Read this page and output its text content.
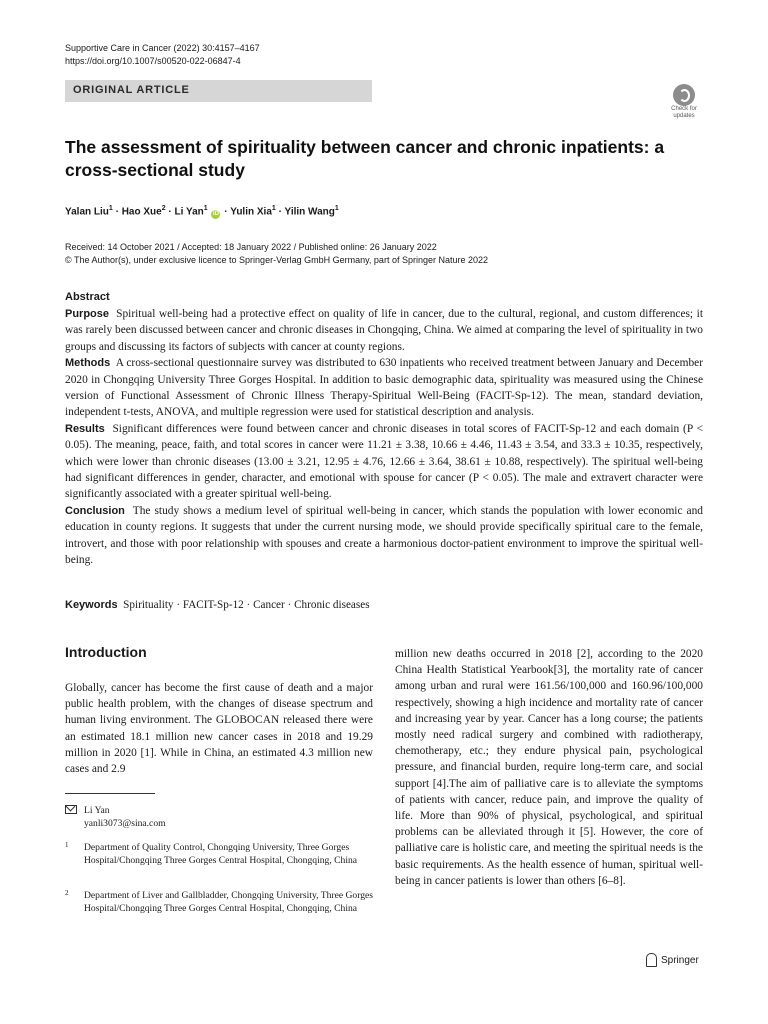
Supportive Care in Cancer (2022) 30:4157–4167
https://doi.org/10.1007/s00520-022-06847-4
ORIGINAL ARTICLE
Check for updates
The assessment of spirituality between cancer and chronic inpatients: a cross-sectional study
Yalan Liu$^1$ · Hao Xue$^2$ · Li Yan$^1$ iD · Yulin Xia$^1$ · Yilin Wang$^1$
Received: 14 October 2021 / Accepted: 18 January 2022 / Published online: 26 January 2022
© The Author(s), under exclusive licence to Springer-Verlag GmbH Germany, part of Springer Nature 2022
Abstract

Purpose Spiritual well-being had a protective effect on quality of life in cancer, due to the cultural, regional, and custom differences; it was rarely been discussed between cancer and chronic diseases in Chongqing, China. We aimed at comparing the level of spirituality in two groups and discussing its factors of subjects with cancer at county regions.

Methods A cross-sectional questionnaire survey was distributed to 630 inpatients who received treatment between January and December 2020 in Chongqing University Three Gorges Hospital. In addition to basic demographic data, spirituality was measured using the Chinese version of Functional Assessment of Chronic Illness Therapy-Spiritual Well-Being (FACIT-Sp-12). The mean, standard deviation, independent t-tests, ANOVA, and multiple regression were used for statistical description and analysis.

Results Significant differences were found between cancer and chronic diseases in total scores of FACIT-Sp-12 and each domain (P < 0.05). The meaning, peace, faith, and total scores in cancer were 11.21 ± 3.38, 10.66 ± 4.46, 11.43 ± 3.54, and 33.3 ± 10.35, respectively, which were lower than chronic diseases (13.00 ± 3.21, 12.95 ± 4.76, 12.66 ± 3.64, 38.61 ± 10.88, respectively). The spiritual well-being had significant differences in gender, character, and emotional with spouse for cancer (P < 0.05). The male and extravert character were significantly associated with a greater spiritual well-being.

Conclusion The study shows a medium level of spiritual well-being in cancer, which stands the population with lower economic and education in county regions. It suggests that under the current nursing mode, we should provide specifically spiritual care to the female, introvert, and those with poor relationship with spouses and create a harmonious doctor-patient environment to improve the spiritual well-being.

Keywords Spirituality · FACIT-Sp-12 · Cancer · Chronic diseases
Introduction

Globally, cancer has become the first cause of death and a major public health problem, with the changes of disease spectrum and human living environment. The GLOBOCAN released there were an estimated 18.1 million new cancer cases in 2018 and 19.29 million in 2020 [1]. While in China, an estimated 4.3 million new cases and 2.9

million new deaths occurred in 2018 [2], according to the 2020 China Health Statistical Yearbook[3], the mortality rate of cancer among urban and rural were 161.56/100,000 and 160.96/100,000 respectively, showing a high incidence and mortality rate of cancer and increasing year by year. Cancer has a long course; the patients mostly need radical surgery and combined with radiotherapy, chemotherapy, etc.; they endure physical pain, psychological pressure, and financial burden, require long-term care, and social support [4].The aim of palliative care is to alleviate the symptoms of patients with cancer, reduce pain, and improve the quality of life. More than 90% of physical, psychological, and spiritual problems can be alleviated through it [5]. However, the core of palliative care is holistic care, and meeting the spiritual needs is the basic requirements. As the health essence of human, spiritual well-being in cancer patients is lower than others [6–8].

Li Yan
yanli3073@sina.com
1 Department of Quality Control, Chongqing University, Three Gorges Hospital/Chongqing Three Gorges Central Hospital, Chongqing, China
2 Department of Liver and Gallbladder, Chongqing University, Three Gorges Hospital/Chongqing Three Gorges Central Hospital, Chongqing, China
Springer
